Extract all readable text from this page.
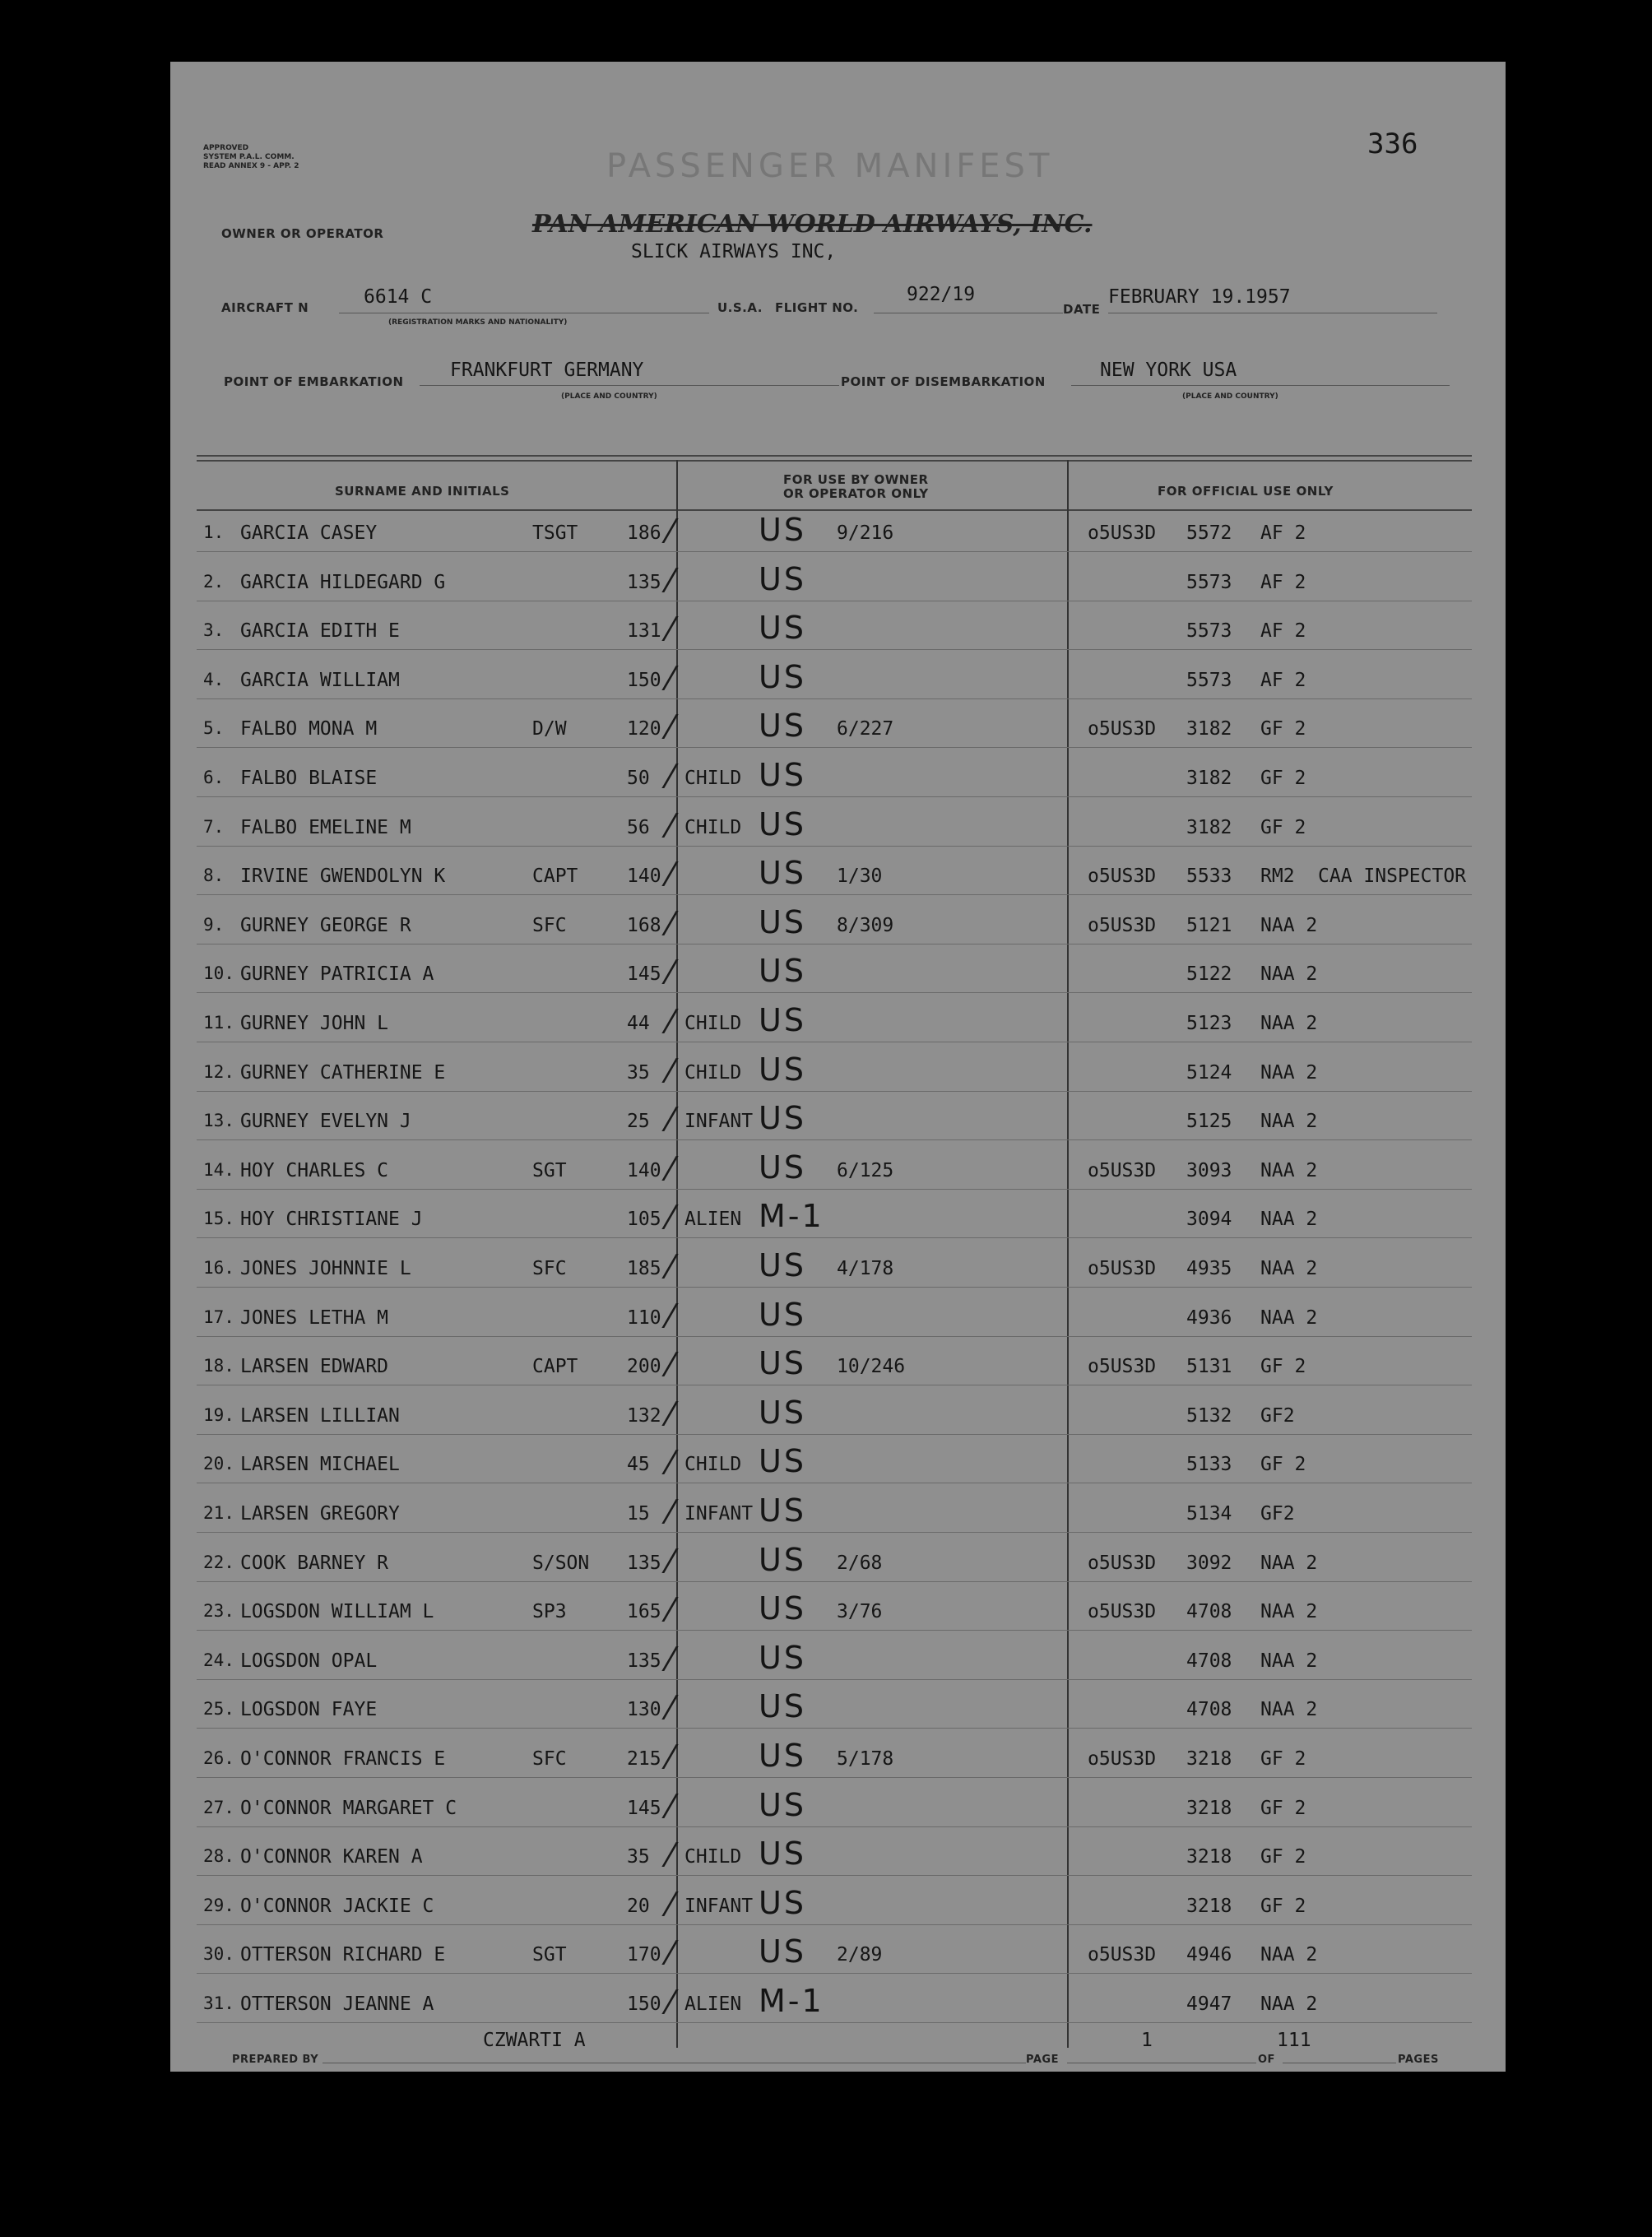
336
APPROVED
SYSTEM P.A.L. COMM.
READ ANNEX 9 - APP. 2	PASSENGER MANIFEST
OWNER OR OPERATOR	PAN AMERICAN WORLD AIRWAYS, INC.
SLICK AIRWAYS INC,
AIRCRAFT N	6614 C
(REGISTRATION MARKS AND NATIONALITY)
U.S.A. FLIGHT NO.
922/19
DATE
FEBRUARY 19.1957
POINT OF EMBARKATION
FRANKFURT GERMANY
(PLACE AND COUNTRY)
POINT OF DISEMBARKATION
NEW YORK USA
(PLACE AND COUNTRY)
SURNAME AND INITIALS
FOR USE BY OWNER
OR OPERATOR ONLY	FOR OFFICIAL USE ONLY
1. GARCIA CASEY	TSGT	186	US 9/216	o5US3D 5572 AF 2
2. GARCIA HILDEGARD G	135	US	5573 AF 2
3. GARCIA EDITH E	131	US	5573 AF 2
4. GARCIA WILLIAM	150	US	5573 AF 2
5. FALBO MONA M	D/W	120	US 6/227	o5US3D 3182 GF 2
6. FALBO BLAISE	50 CHILD US	3182 GF 2
7. FALBO EMELINE M	56 CHILD US	3182 GF 2
8. IRVINE GWENDOLYN K	CAPT	140	US 1/30	o5US3D 5533 RM2 CAA INSPECTOR
9. GURNEY GEORGE R	SFC	168	US 8/309	o5US3D 5121 NAA 2
10. GURNEY PATRICIA A	145	US	5122 NAA 2
11. GURNEY JOHN L	44 CHILD US	5123 NAA 2
12. GURNEY CATHERINE E	35 CHILD US	5124 NAA 2
13. GURNEY EVELYN J	25 INFANT US	5125 NAA 2
14. HOY CHARLES C	SGT	140	US 6/125	o5US3D 3093 NAA 2
15. HOY CHRISTIANE J	105 ALIEN M-1	3094 NAA 2
16. JONES JOHNNIE L	SFC	185	US 4/178	o5US3D 4935 NAA 2
17. JONES LETHA M	110	US	4936 NAA 2
18. LARSEN EDWARD	CAPT	200	US 10/246	o5US3D 5131 GF 2
19. LARSEN LILLIAN	132	US	5132 GF2
20. LARSEN MICHAEL	45 CHILD US	5133 GF 2
21. LARSEN GREGORY	15 INFANT US	5134 GF2
22. COOK BARNEY R	S/SON 135	US 2/68	o5US3D 3092 NAA 2
23. LOGSDON WILLIAM L	SP3	165	US 3/76	o5US3D 4708 NAA 2
24. LOGSDON OPAL	135	US	4708 NAA 2
25. LOGSDON FAYE	130	US	4708 NAA 2
26. O'CONNOR FRANCIS E	SFC	215	US 5/178	o5US3D 3218 GF 2
27. O'CONNOR MARGARET C	145	US	3218 GF 2
28. O'CONNOR KAREN A	35 CHILD US	3218 GF 2
29. O'CONNOR JACKIE C	20 INFANT US	3218 GF 2
30. OTTERSON RICHARD E	SGT	170	US 2/89	o5US3D 4946 NAA 2
31. OTTERSON JEANNE A	150 ALIEN M-1	4947 NAA 2
PREPARED BY
CZWARTI A
PAGE
1
OF
111
PAGES
